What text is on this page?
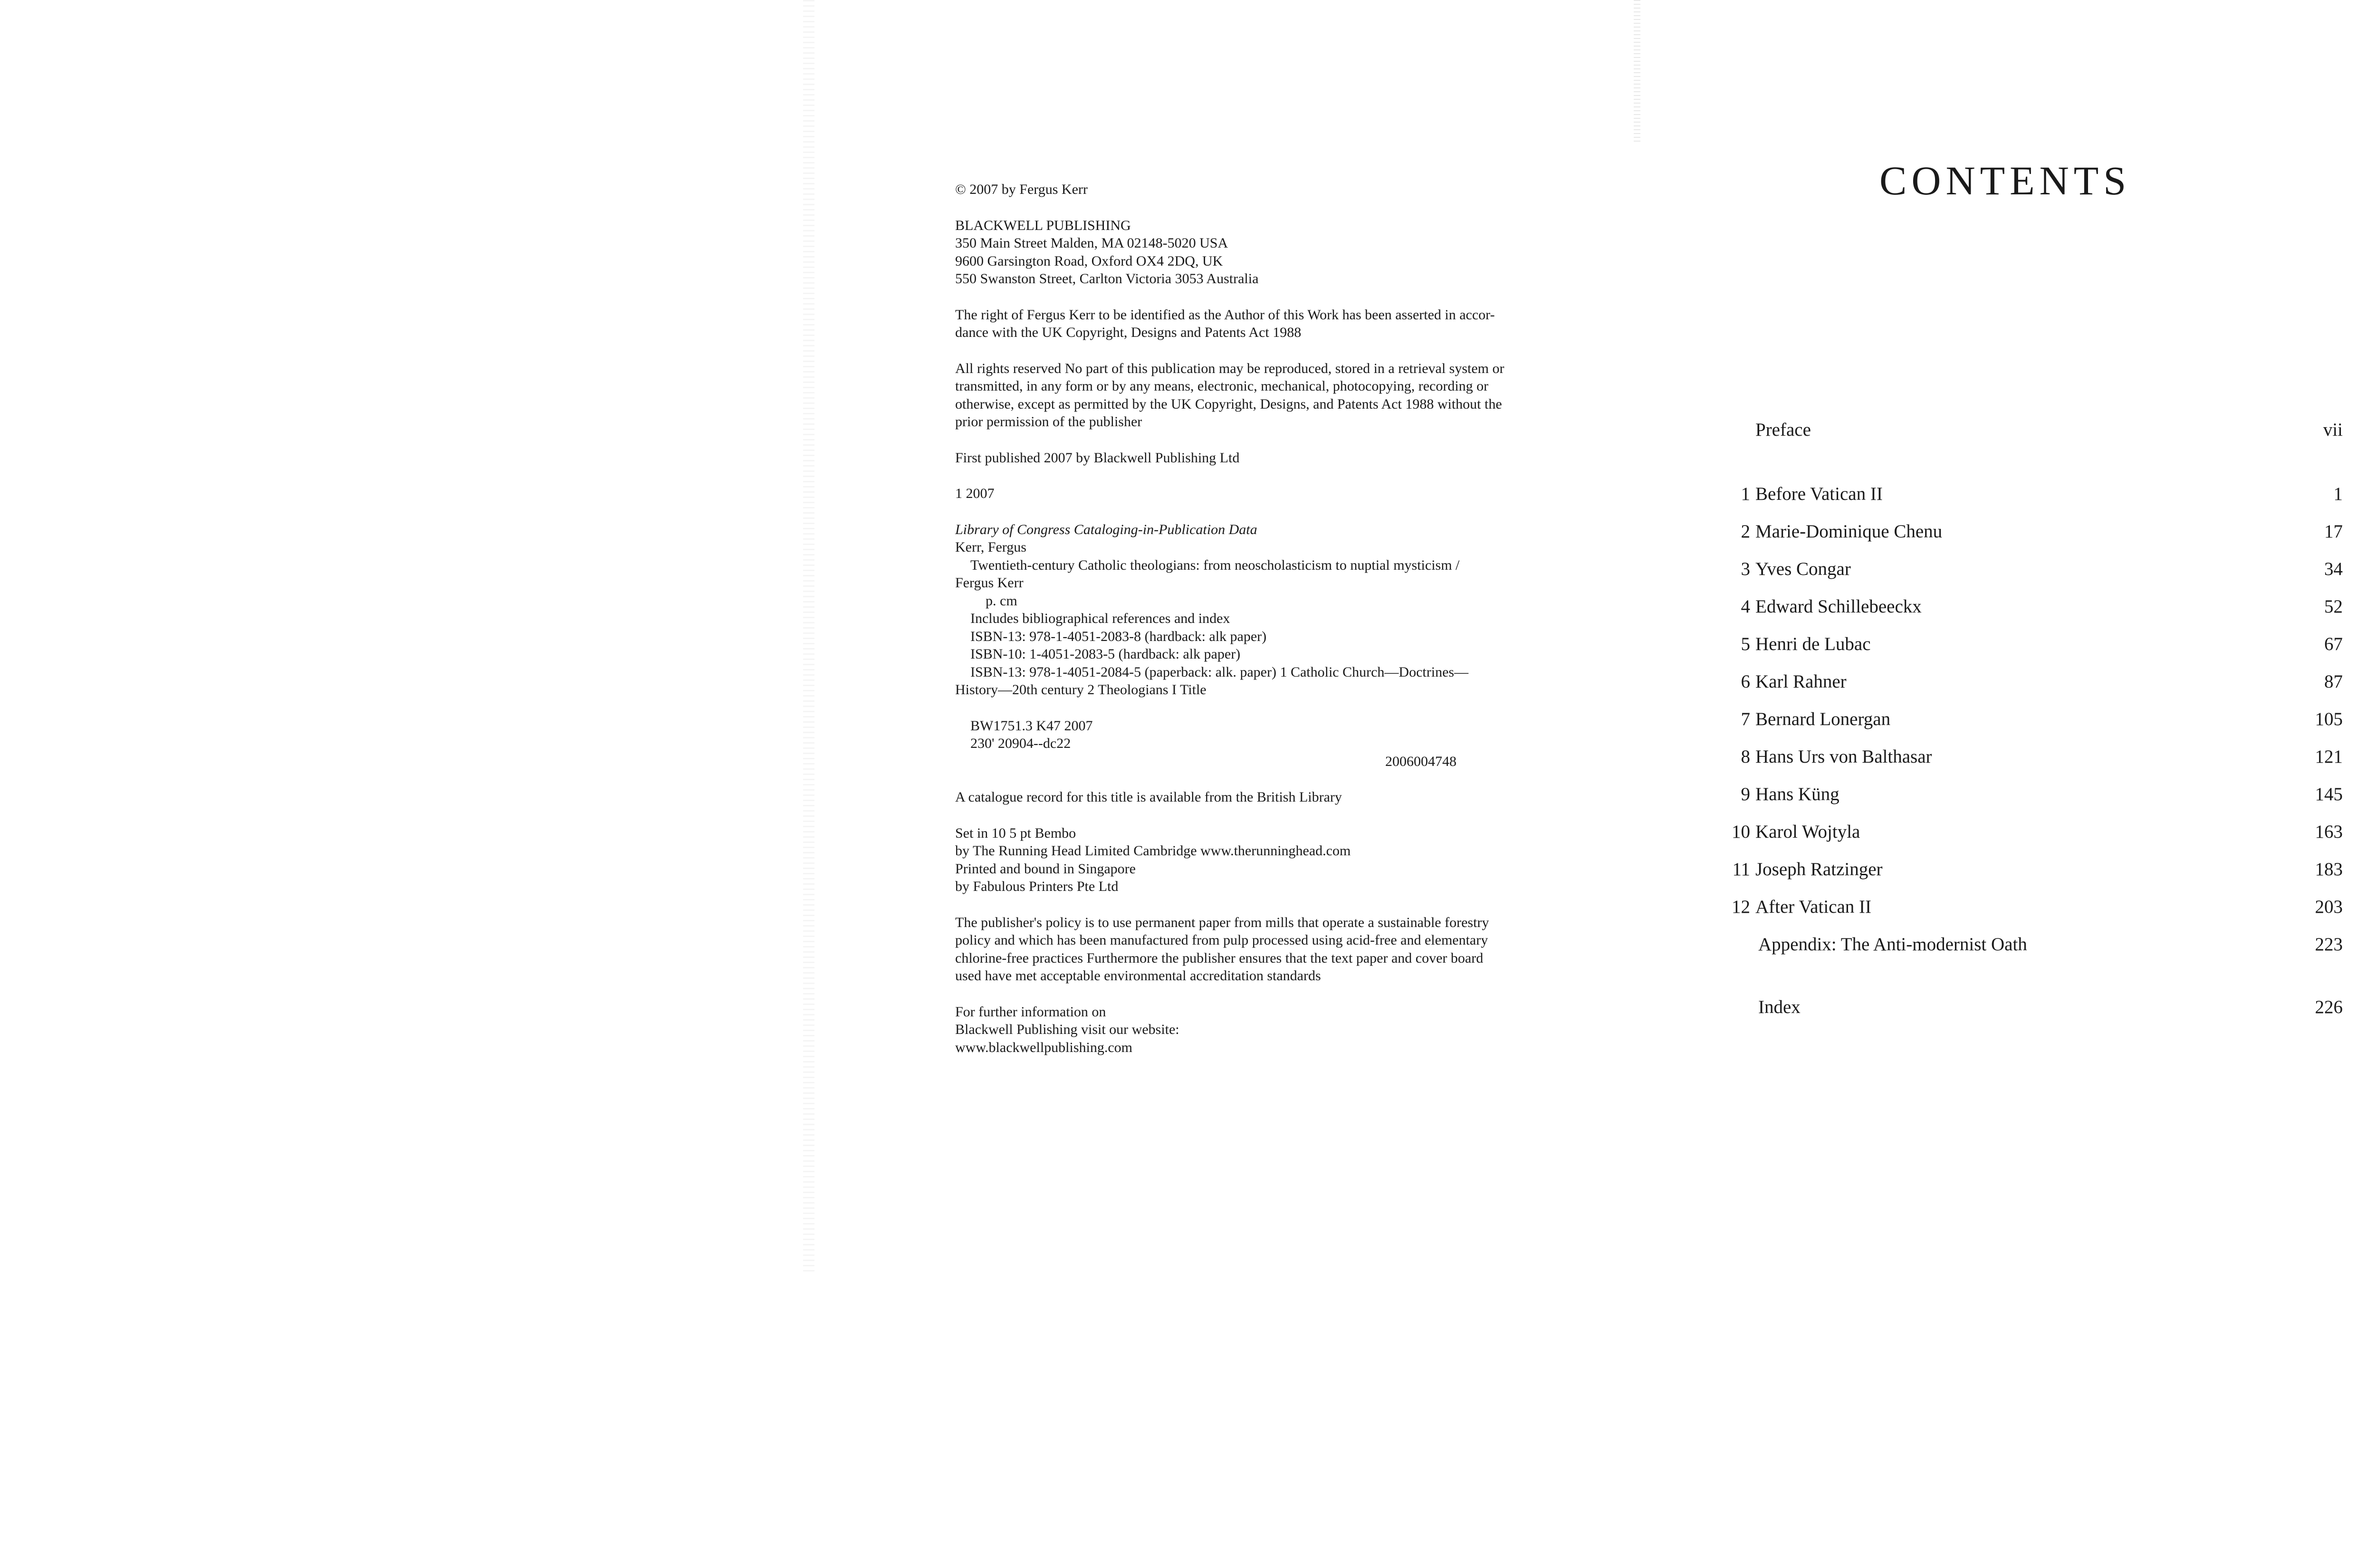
© 2007 by Fergus Kerr
BLACKWELL PUBLISHING
350 Main Street Malden, MA 02148-5020 USA
9600 Garsington Road, Oxford OX4 2DQ, UK
550 Swanston Street, Carlton Victoria 3053 Australia
The right of Fergus Kerr to be identified as the Author of this Work has been asserted in accor-
dance with the UK Copyright, Designs and Patents Act 1988
All rights reserved No part of this publication may be reproduced, stored in a retrieval system or
transmitted, in any form or by any means, electronic, mechanical, photocopying, recording or
otherwise, except as permitted by the UK Copyright, Designs, and Patents Act 1988 without the
prior permission of the publisher
First published 2007 by Blackwell Publishing Ltd
1 2007
Library of Congress Cataloging-in-Publication Data
Kerr, Fergus
Twentieth-century Catholic theologians: from neoscholasticism to nuptial mysticism /
Fergus Kerr
p. cm
Includes bibliographical references and index
ISBN-13: 978-1-4051-2083-8 (hardback: alk paper)
ISBN-10: 1-4051-2083-5 (hardback: alk paper)
ISBN-13: 978-1-4051-2084-5 (paperback: alk. paper) 1 Catholic Church—Doctrines—
History—20th century 2 Theologians I Title
BW1751.3 K47 2007
230' 20904--dc22
2006004748
A catalogue record for this title is available from the British Library
Set in 10 5 pt Bembo
by The Running Head Limited Cambridge www.therunninghead.com
Printed and bound in Singapore
by Fabulous Printers Pte Ltd
The publisher's policy is to use permanent paper from mills that operate a sustainable forestry
policy and which has been manufactured from pulp processed using acid-free and elementary
chlorine-free practices Furthermore the publisher ensures that the text paper and cover board
used have met acceptable environmental accreditation standards
For further information on
Blackwell Publishing visit our website:
www.blackwellpublishing.com
CONTENTS
Preface	vii
1 Before Vatican II	1
2 Marie-Dominique Chenu	17
3 Yves Congar	34
4 Edward Schillebeeckx	52
5 Henri de Lubac	67
6 Karl Rahner	87
7 Bernard Lonergan	105
8 Hans Urs von Balthasar	121
9 Hans Küng	145
10 Karol Wojtyla	163
11 Joseph Ratzinger	183
12 After Vatican II	203
Appendix: The Anti-modernist Oath	223
Index	226
